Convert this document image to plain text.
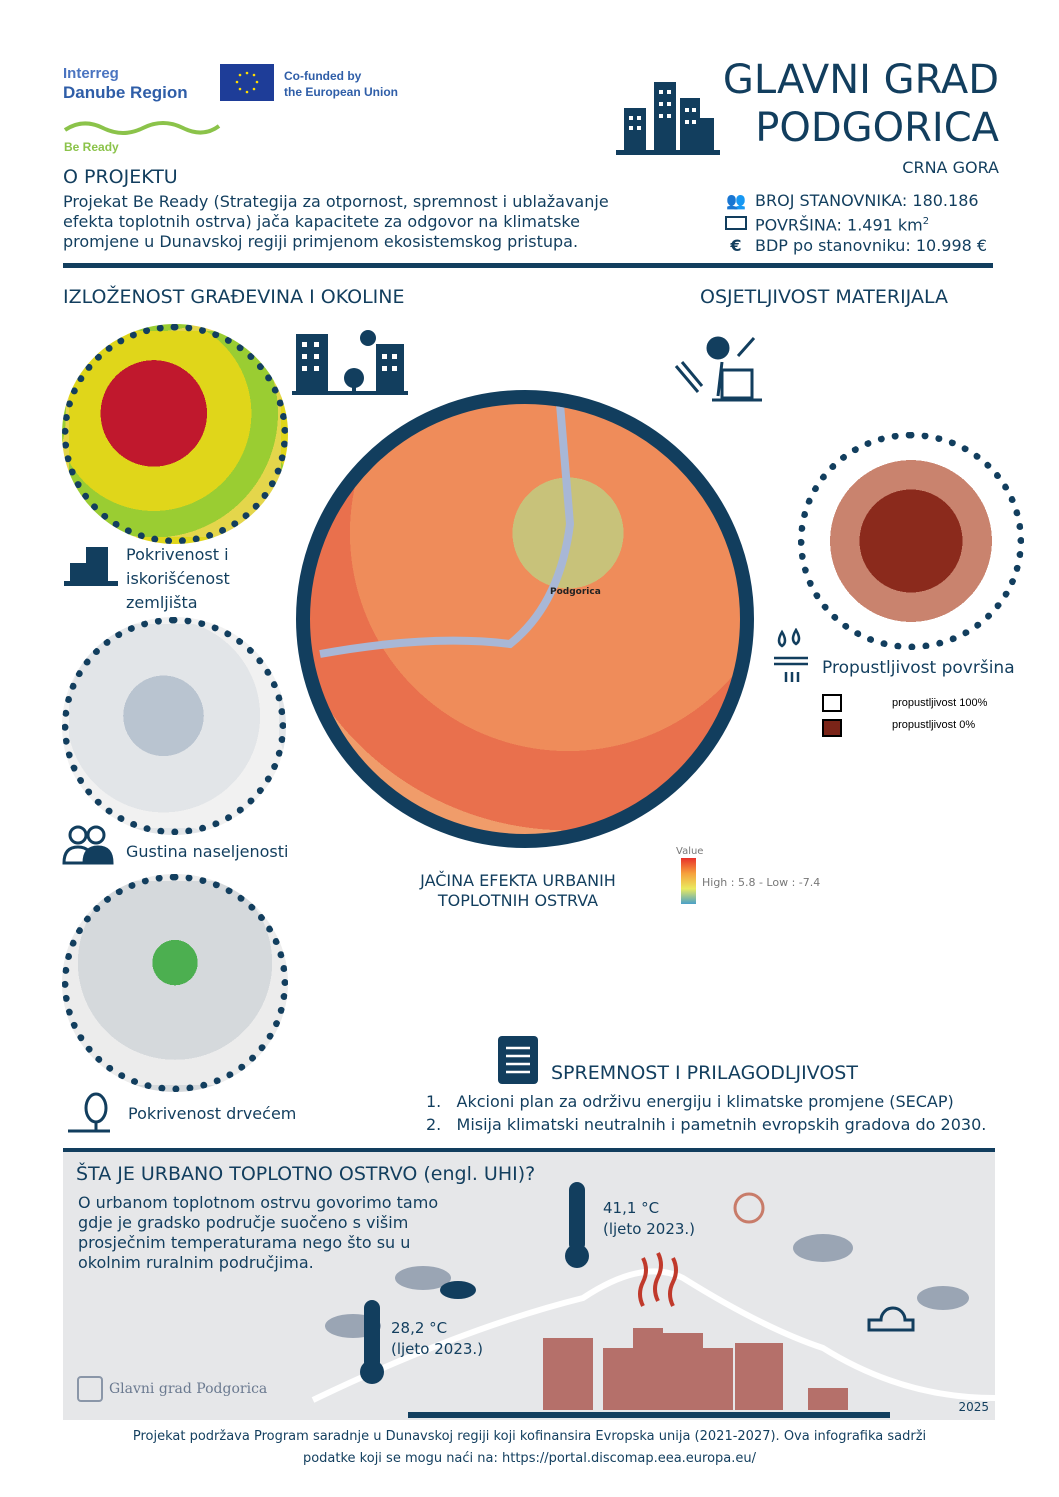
Interreg
Danube Region
Co-funded by
the European Union
Be Ready
GLAVNI GRAD
PODGORICA
CRNA GORA
O PROJEKTU
Projekat Be Ready (Strategija za otpornost, spremnost i ublažavanje efekta toplotnih ostrva) jača kapacitete za odgovor na klimatske promjene u Dunavskoj regiji primjenom ekosistemskog pristupa.
👥 BROJ STANOVNIKA: 180.186
POVRŠINA: 1.491 $km^2$
€ BDP po stanovniku: 10.998 €
IZLOŽENOST GRAĐEVINA I OKOLINE	OSJETLJIVOST MATERIJALA
Pokrivenost i iskorišćenost zemljišta
Gustina naseljenosti
Pokrivenost drvećem
Podgorica
JAČINA EFEKTA URBANIH TOPLOTNIH OSTRVA
Value
High : 5.8 - Low : -7.4
Propustljivost površina
propustljivost 100%
propustljivost 0%
SPREMNOST I PRILAGODLJIVOST
1.   Akcioni plan za održivu energiju i klimatske promjene (SECAP)
2.   Misija klimatski neutralnih i pametnih evropskih gradova do 2030.
ŠTA JE URBANO TOPLOTNO OSTRVO (engl. UHI)?
O urbanom toplotnom ostrvu govorimo tamo gdje je gradsko područje suočeno s višim prosječnim temperaturama nego što su u okolnim ruralnim područjima.
41,1 °C
(ljeto 2023.)
28,2 °C
(ljeto 2023.)
Glavni grad Podgorica
2025
Projekat podržava Program saradnje u Dunavskoj regiji koji kofinansira Evropska unija (2021-2027). Ova infografika sadrži
podatke koji se mogu naći na: https://portal.discomap.eea.europa.eu/
